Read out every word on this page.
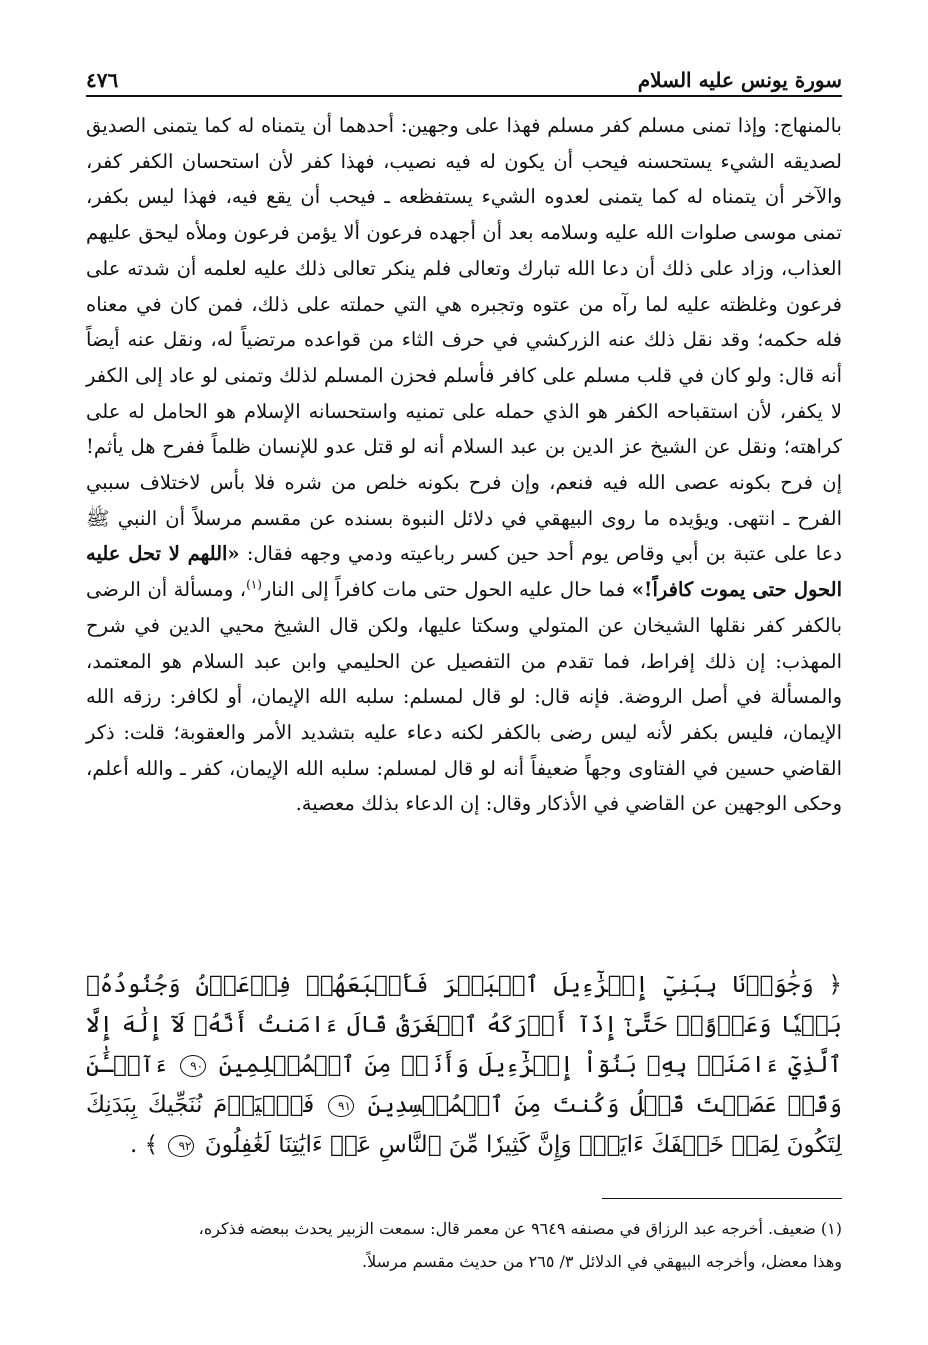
سورة يونس عليه السلام
٤٧٦

بالمنهاج: وإذا تمنى مسلم كفر مسلم فهذا على وجهين: أحدهما أن يتمناه له كما يتمنى الصديق لصديقه الشيء يستحسنه فيحب أن يكون له فيه نصيب، فهذا كفر لأن استحسان الكفر كفر، والآخر أن يتمناه له كما يتمنى لعدوه الشيء يستفظعه ـ فيحب أن يقع فيه، فهذا ليس بكفر، تمنى موسى صلوات الله عليه وسلامه بعد أن أجهده فرعون ألا يؤمن فرعون وملأه ليحق عليهم العذاب، وزاد على ذلك أن دعا الله تبارك وتعالى فلم ينكر تعالى ذلك عليه لعلمه أن شدته على فرعون وغلظته عليه لما رآه من عتوه وتجبره هي التي حملته على ذلك، فمن كان في معناه فله حكمه؛ وقد نقل ذلك عنه الزركشي في حرف الثاء من قواعده مرتضياً له، ونقل عنه أيضاً أنه قال: ولو كان في قلب مسلم على كافر فأسلم فحزن المسلم لذلك وتمنى لو عاد إلى الكفر لا يكفر، لأن استقباحه الكفر هو الذي حمله على تمنيه واستحسانه الإسلام هو الحامل له على كراهته؛ ونقل عن الشيخ عز الدين بن عبد السلام أنه لو قتل عدو للإنسان ظلماً ففرح هل يأثم! إن فرح بكونه عصى الله فيه فنعم، وإن فرح بكونه خلص من شره فلا بأس لاختلاف سببي الفرح ـ انتهى. ويؤيده ما روى البيهقي في دلائل النبوة بسنده عن مقسم مرسلاً أن النبي ﷺ دعا على عتبة بن أبي وقاص يوم أحد حين كسر رباعيته ودمي وجهه فقال: «اللهم لا تحل عليه الحول حتى يموت كافراً!» فما حال عليه الحول حتى مات كافراً إلى النار$^{(١)}$، ومسألة أن الرضى بالكفر كفر نقلها الشيخان عن المتولي وسكتا عليها، ولكن قال الشيخ محيي الدين في شرح المهذب: إن ذلك إفراط، فما تقدم من التفصيل عن الحليمي وابن عبد السلام هو المعتمد، والمسألة في أصل الروضة. فإنه قال: لو قال لمسلم: سلبه الله الإيمان، أو لكافر: رزقه الله الإيمان، فليس بكفر لأنه ليس رضى بالكفر لكنه دعاء عليه بتشديد الأمر والعقوبة؛ قلت: ذكر القاضي حسين في الفتاوى وجهاً ضعيفاً أنه لو قال لمسلم: سلبه الله الإيمان، كفر ـ والله أعلم، وحكى الوجهين عن القاضي في الأذكار وقال: إن الدعاء بذلك معصية.

﴿ وَجَٰوَزۡنَا بِبَنِيٓ إِسۡرَٰٓءِيلَ ٱلۡبَحۡرَ فَأَتۡبَعَهُمۡ فِرۡعَوۡنُ وَجُنُودُهُۥ بَغۡيٗا وَعَدۡوًاۖ حَتَّىٰٓ إِذَآ أَدۡرَكَهُ ٱلۡغَرَقُ قَالَ ءَامَنتُ أَنَّهُۥ لَآ إِلَٰهَ إِلَّا ٱلَّذِيٓ ءَامَنَتۡ بِهِۦ بَنُوٓاْ إِسۡرَٰٓءِيلَ وَأَنَا۠ مِنَ ٱلۡمُسۡلِمِينَ ٩٠ ءَآلۡـَٰٔنَ وَقَدۡ عَصَيۡتَ قَبۡلُ وَكُنتَ مِنَ ٱلۡمُفۡسِدِينَ ٩١ فَٱلۡيَوۡمَ نُنَجِّيكَ بِبَدَنِكَ لِتَكُونَ لِمَنۡ خَلۡفَكَ ءَايَةٗۚ وَإِنَّ كَثِيرٗا مِّنَ ٱلنَّاسِ عَنۡ ءَايَٰتِنَا لَغَٰفِلُونَ ٩٢ ﴾ .

(١) ضعيف. أخرجه عبد الرزاق في مصنفه ٩٦٤٩ عن معمر قال: سمعت الزبير يحدث ببعضه فذكره،

وهذا معضل، وأخرجه البيهقي في الدلائل ٣/ ٢٦٥ من حديث مقسم مرسلاً.
